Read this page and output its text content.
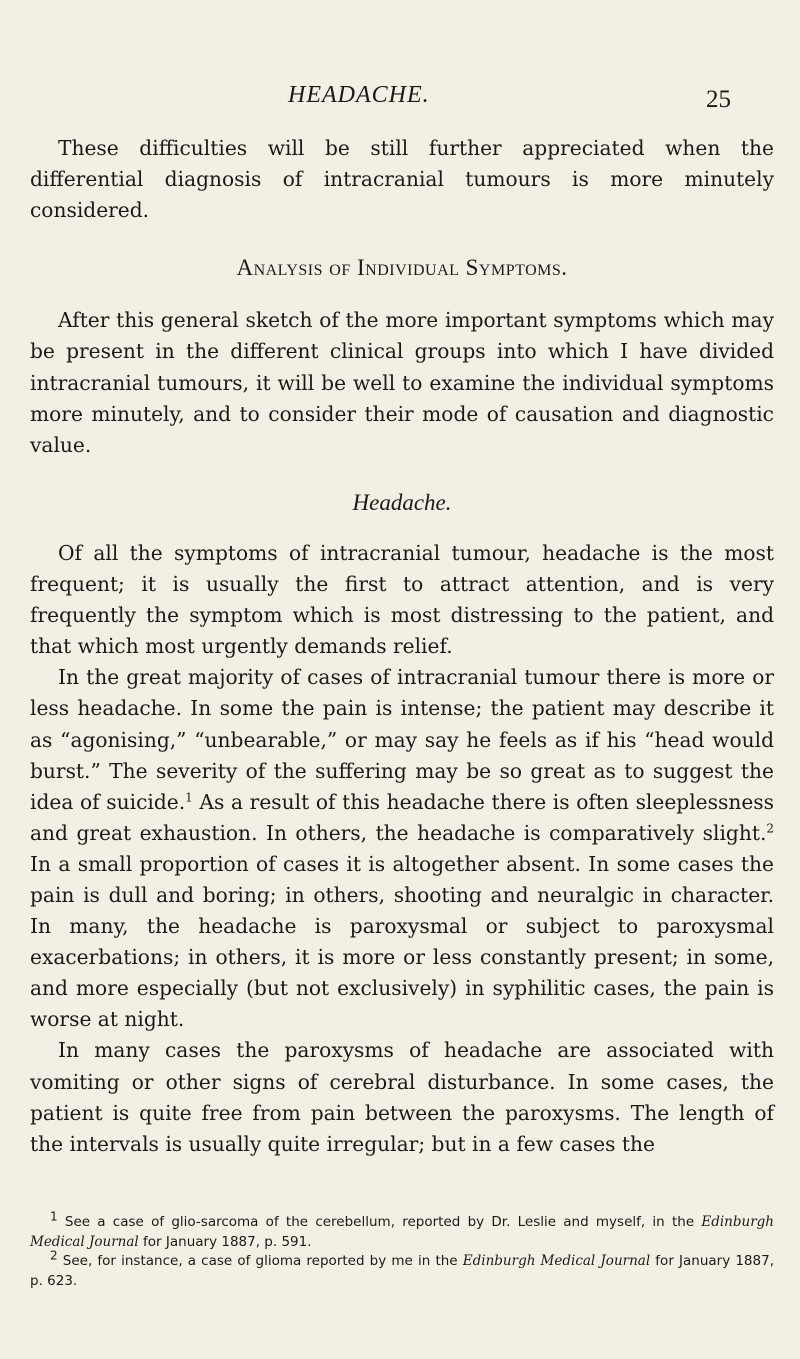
HEADACHE.	25

These difficulties will be still further appreciated when the differential diagnosis of intracranial tumours is more minutely considered.

Analysis of Individual Symptoms.

After this general sketch of the more important symptoms which may be present in the different clinical groups into which I have divided intracranial tumours, it will be well to examine the individual symptoms more minutely, and to consider their mode of causation and diagnostic value.

Headache.

Of all the symptoms of intracranial tumour, headache is the most frequent; it is usually the first to attract attention, and is very frequently the symptom which is most distressing to the patient, and that which most urgently demands relief.

In the great majority of cases of intracranial tumour there is more or less headache. In some the pain is intense; the patient may describe it as “agonising,” “unbearable,” or may say he feels as if his “head would burst.” The severity of the suffering may be so great as to suggest the idea of suicide.$^1$ As a result of this headache there is often sleeplessness and great exhaustion. In others, the headache is comparatively slight.$^2$ In a small proportion of cases it is altogether absent. In some cases the pain is dull and boring; in others, shooting and neuralgic in character. In many, the headache is paroxysmal or subject to paroxysmal exacerbations; in others, it is more or less constantly present; in some, and more especially (but not exclusively) in syphilitic cases, the pain is worse at night.

In many cases the paroxysms of headache are associated with vomiting or other signs of cerebral disturbance. In some cases, the patient is quite free from pain between the paroxysms. The length of the intervals is usually quite irregular; but in a few cases the

$^1$ See a case of glio-sarcoma of the cerebellum, reported by Dr. Leslie and myself, in the Edinburgh Medical Journal for January 1887, p. 591.

$^2$ See, for instance, a case of glioma reported by me in the Edinburgh Medical Journal for January 1887, p. 623.
